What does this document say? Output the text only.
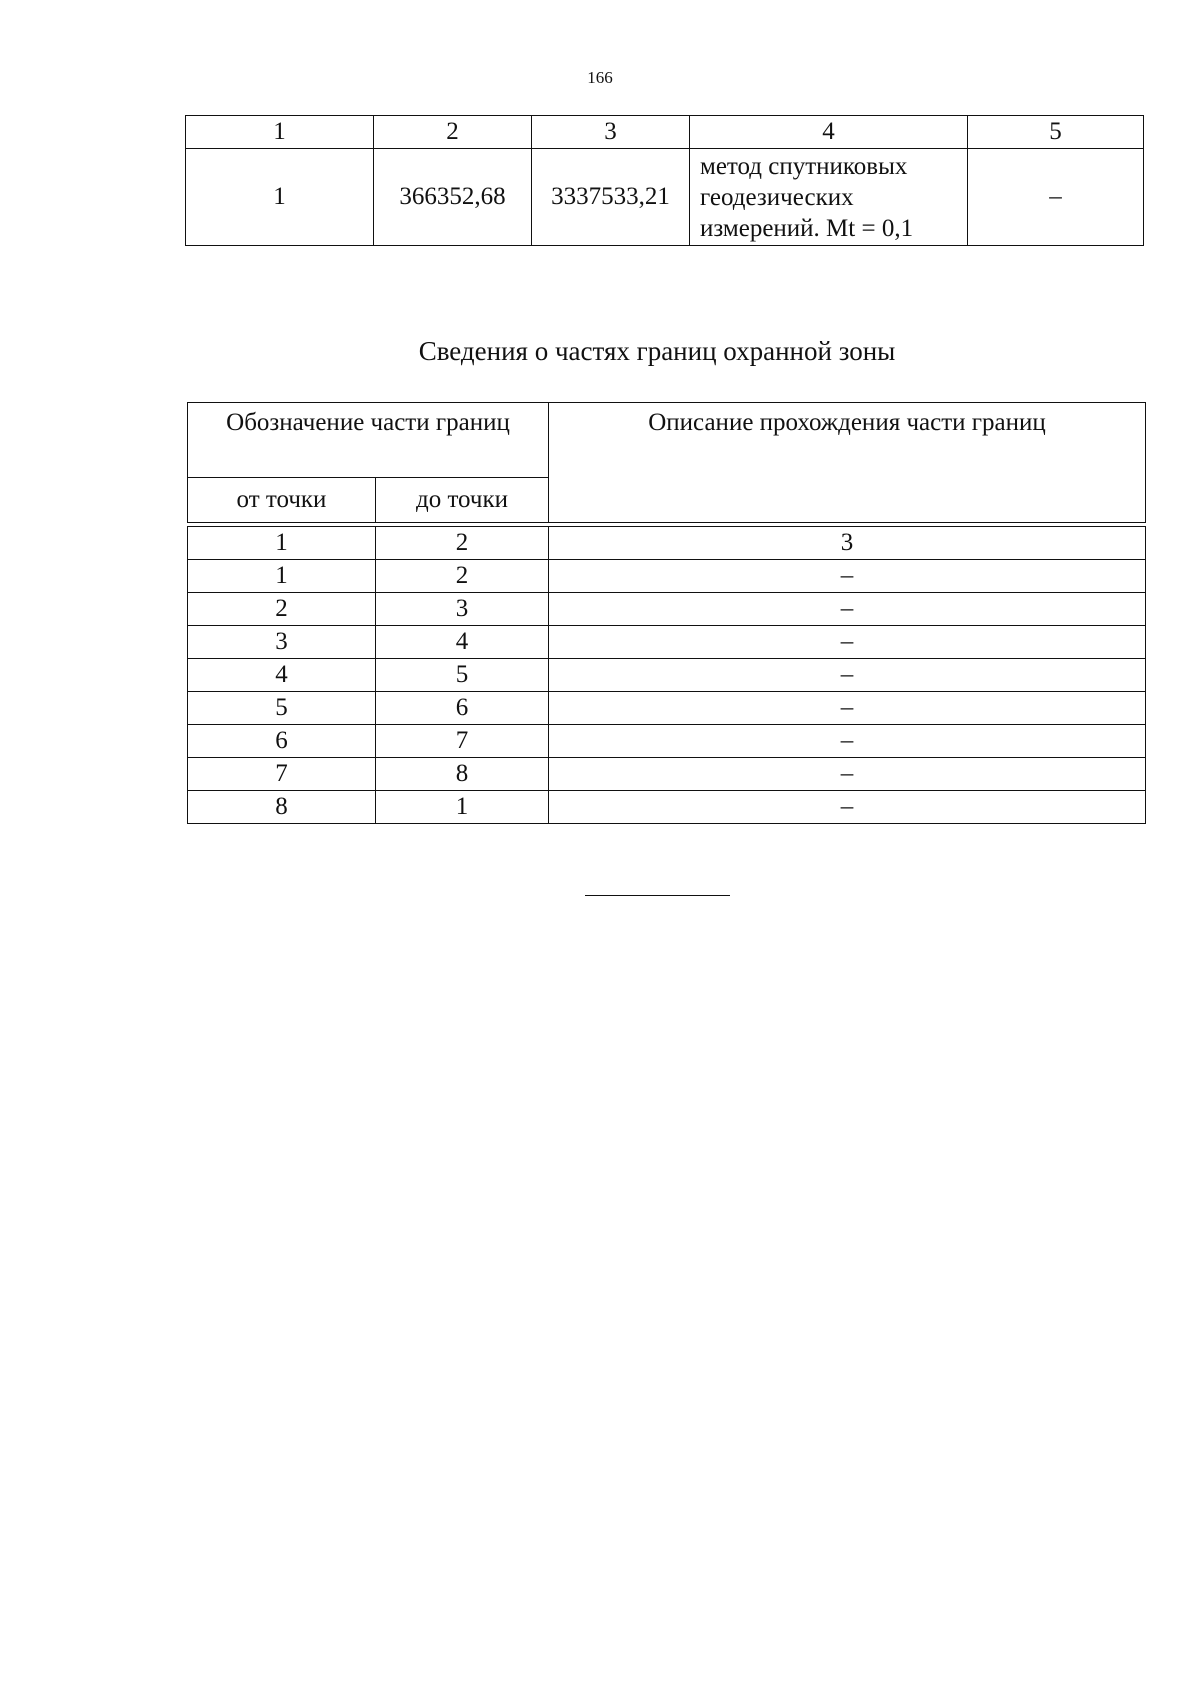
166
1	2	3	4	5
1	366352,68	3337533,21	метод спутниковых
геодезических
измерений. Mt = 0,1	–
Сведения о частях границ охранной зоны
Обозначение части границ		Описание прохождения части границ
от точки	до точки	

1	2	3
1	2	–
2	3	–
3	4	–
4	5	–
5	6	–
6	7	–
7	8	–
8	1	–
